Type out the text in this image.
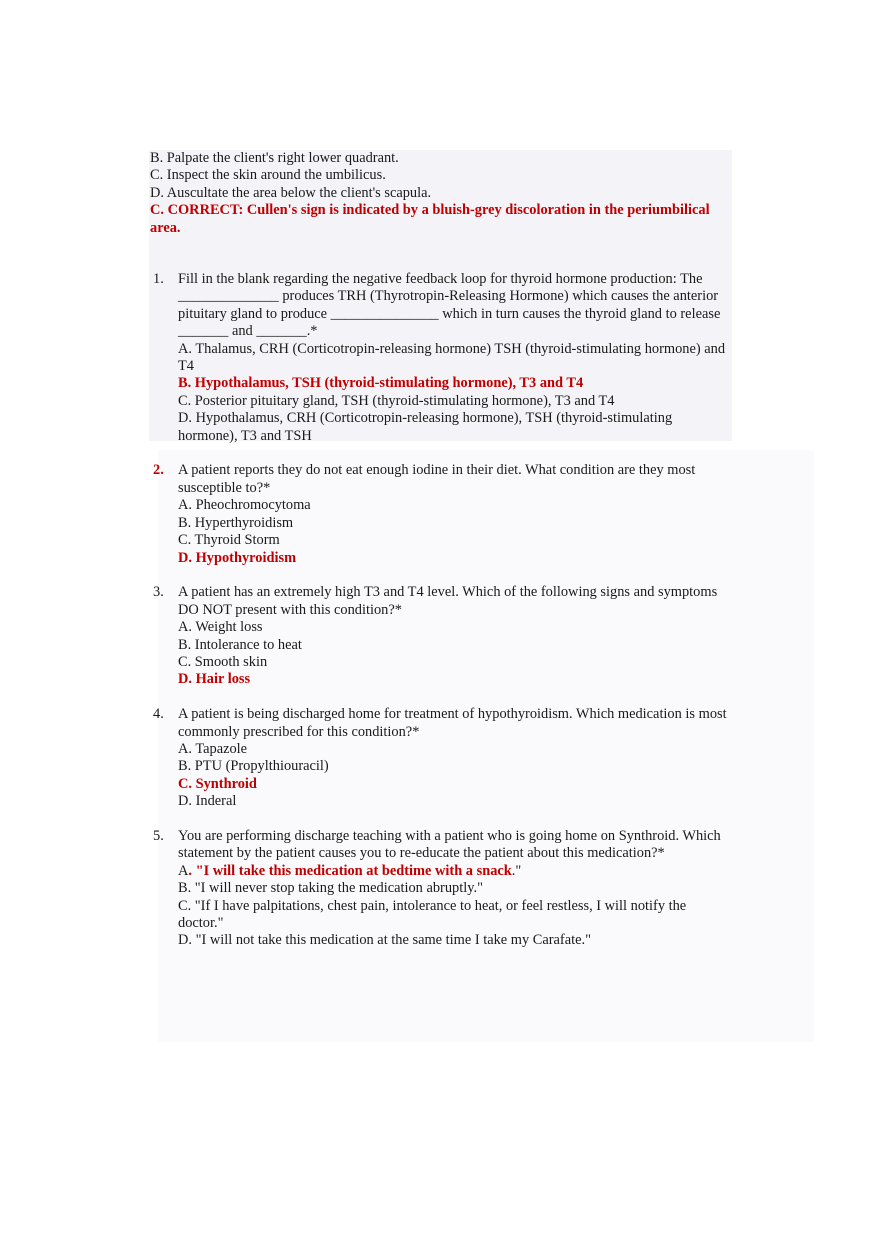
B. Palpate the client's right lower quadrant.

C. Inspect the skin around the umbilicus.

D. Auscultate the area below the client's scapula.

C. CORRECT: Cullen's sign is indicated by a bluish-grey discoloration in the periumbilical area.

1. Fill in the blank regarding the negative feedback loop for thyroid hormone production: The ______________ produces TRH (Thyrotropin-Releasing Hormone) which causes the anterior pituitary gland to produce _______________ which in turn causes the thyroid gland to release _______ and _______.*

A. Thalamus, CRH (Corticotropin-releasing hormone) TSH (thyroid-stimulating hormone) and T4

B. Hypothalamus, TSH (thyroid-stimulating hormone), T3 and T4

C. Posterior pituitary gland, TSH (thyroid-stimulating hormone), T3 and T4

D. Hypothalamus, CRH (Corticotropin-releasing hormone), TSH (thyroid-stimulating hormone), T3 and TSH

2. A patient reports they do not eat enough iodine in their diet. What condition are they most susceptible to?*

A. Pheochromocytoma

B. Hyperthyroidism

C. Thyroid Storm

D. Hypothyroidism

3. A patient has an extremely high T3 and T4 level. Which of the following signs and symptoms DO NOT present with this condition?*

A. Weight loss

B. Intolerance to heat

C. Smooth skin

D. Hair loss

4. A patient is being discharged home for treatment of hypothyroidism. Which medication is most commonly prescribed for this condition?*

A. Tapazole

B. PTU (Propylthiouracil)

C. Synthroid

D. Inderal

5. You are performing discharge teaching with a patient who is going home on Synthroid. Which statement by the patient causes you to re-educate the patient about this medication?*

A. "I will take this medication at bedtime with a snack."

B. "I will never stop taking the medication abruptly."

C. "If I have palpitations, chest pain, intolerance to heat, or feel restless, I will notify the doctor."

D. "I will not take this medication at the same time I take my Carafate."
